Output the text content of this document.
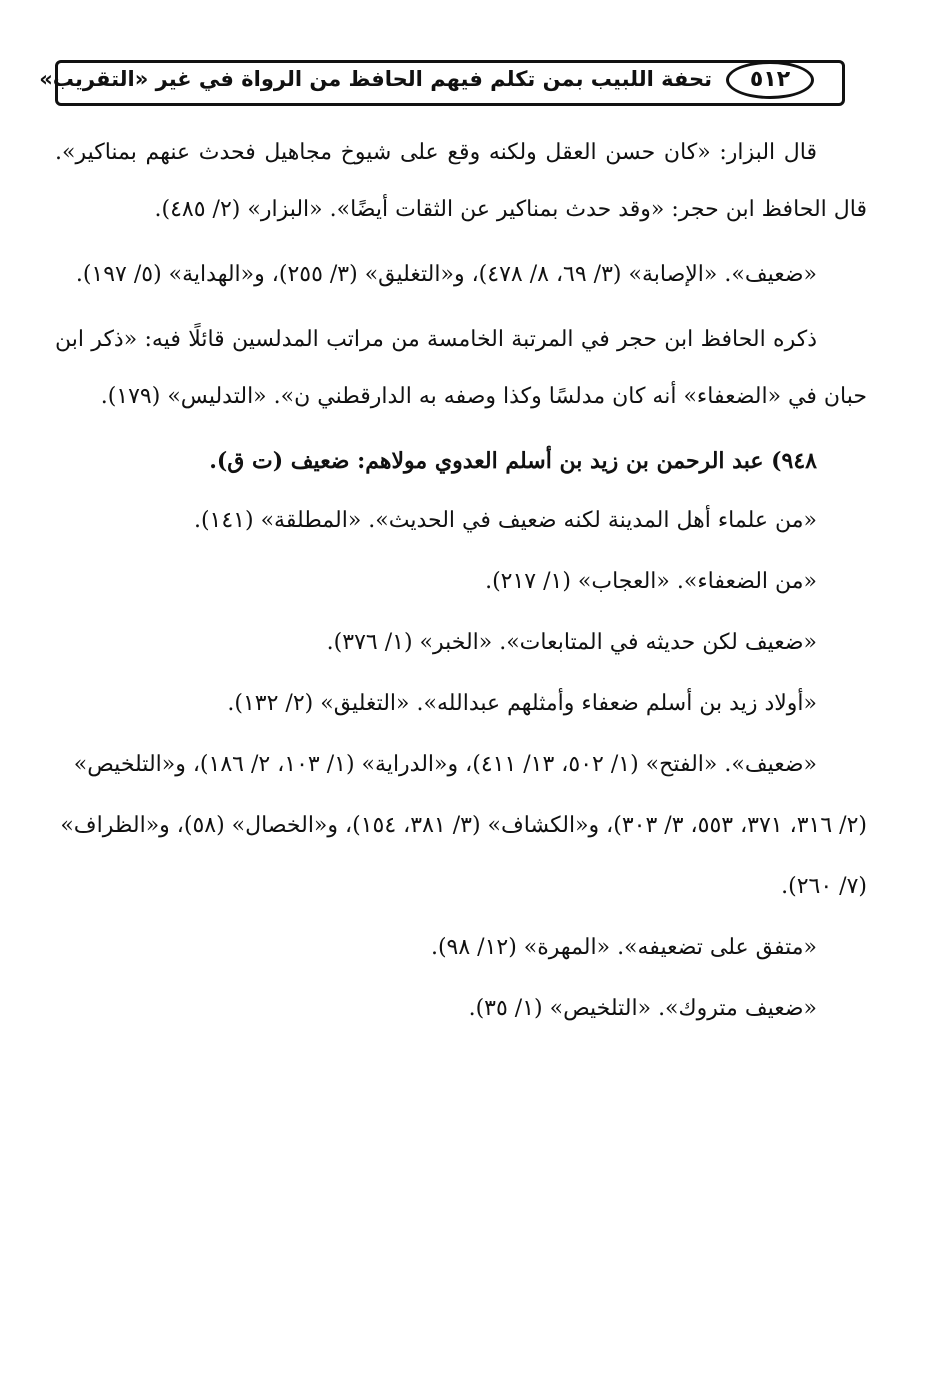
تحفة اللبيب بمن تكلم فيهم الحافظ من الرواة في غير «التقريب»	٥١٢

قال البزار: «كان حسن العقل ولكنه وقع على شيوخ مجاهيل فحدث عنهم بمناكير». قال الحافظ ابن حجر: «وقد حدث بمناكير عن الثقات أيضًا». «البزار» (٢/ ٤٨٥).

«ضعيف». «الإصابة» (٣/ ٦٩، ٨/ ٤٧٨)، و«التغليق» (٣/ ٢٥٥)، و«الهداية» (٥/ ١٩٧).

ذكره الحافظ ابن حجر في المرتبة الخامسة من مراتب المدلسين قائلًا فيه: «ذكر ابن حبان في «الضعفاء» أنه كان مدلسًا وكذا وصفه به الدارقطني ن». «التدليس» (١٧٩).

٩٤٨) عبد الرحمن بن زيد بن أسلم العدوي مولاهم: ضعيف (ت ق).

«من علماء أهل المدينة لكنه ضعيف في الحديث». «المطلقة» (١٤١).

«من الضعفاء». «العجاب» (١/ ٢١٧).

«ضعيف لكن حديثه في المتابعات». «الخبر» (١/ ٣٧٦).

«أولاد زيد بن أسلم ضعفاء وأمثلهم عبدالله». «التغليق» (٢/ ١٣٢).

«ضعيف». «الفتح» (١/ ٥٠٢، ١٣/ ٤١١)، و«الدراية» (١/ ١٠٣، ٢/ ١٨٦)، و«التلخيص» (٢/ ٣١٦، ٣٧١، ٥٥٣، ٣/ ٣٠٣)، و«الكشاف» (٣/ ٣٨١، ١٥٤)، و«الخصال» (٥٨)، و«الظراف» (٧/ ٢٦٠).

«متفق على تضعيفه». «المهرة» (١٢/ ٩٨).

«ضعيف متروك». «التلخيص» (١/ ٣٥).
